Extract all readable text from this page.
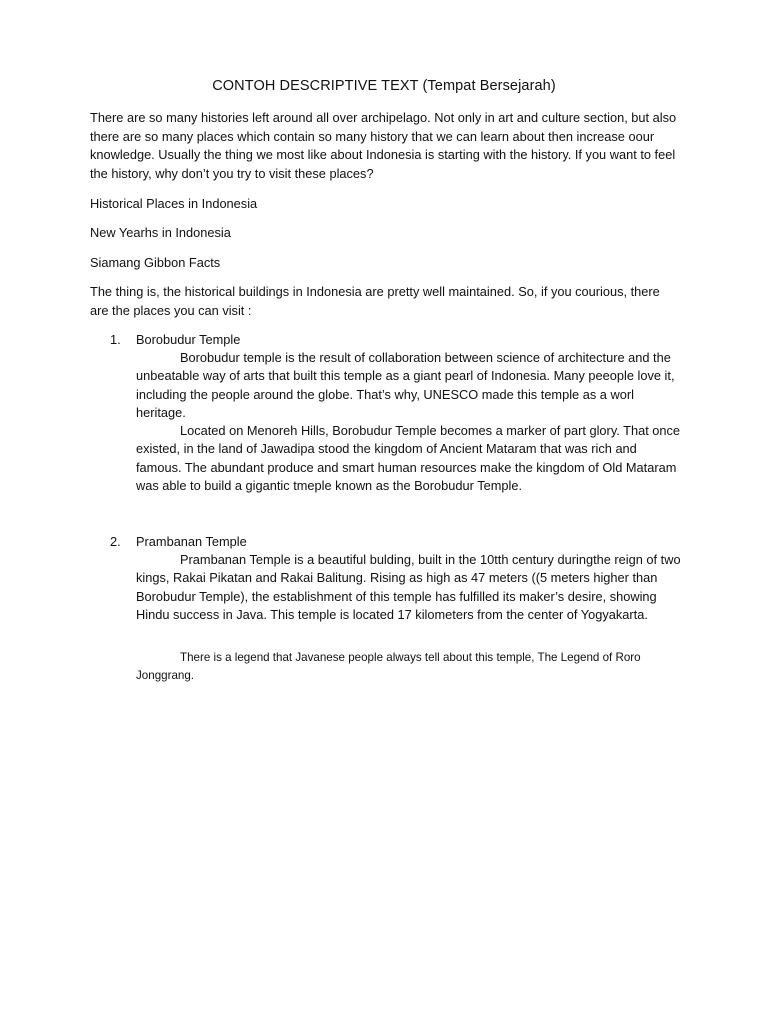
CONTOH DESCRIPTIVE TEXT (Tempat Bersejarah)

There are so many histories left around all over archipelago. Not only in art and culture section, but also there are so many places which contain so many history that we can learn about then increase oour knowledge. Usually the thing we most like about Indonesia is starting with the history. If you want to feel the history, why don’t you try to visit these places?

Historical Places in Indonesia

New Yearhs in Indonesia

Siamang Gibbon Facts

The thing is, the historical buildings in Indonesia are pretty well maintained. So, if you courious, there are the places you can visit :

1. Borobudur Temple

Borobudur temple is the result of collaboration between science of architecture and the unbeatable way of arts that built this temple as a giant pearl of Indonesia. Many peeople love it, including the people around the globe. That’s why, UNESCO made this temple as a worl heritage.
Located on Menoreh Hills, Borobudur Temple becomes a marker of part glory. That once existed, in the land of Jawadipa stood the kingdom of Ancient Mataram that was rich and famous. The abundant produce and smart human resources make the kingdom of Old Mataram was able to build a gigantic tmeple known as the Borobudur Temple.

2. Prambanan Temple

Prambanan Temple is a beautiful bulding, built in the 10tth century duringthe reign of two kings, Rakai Pikatan and Rakai Balitung. Rising as high as 47 meters ((5 meters higher than Borobudur Temple), the establishment of this temple has fulfilled its maker’s desire, showing Hindu success in Java. This temple is located 17 kilometers from the center of Yogyakarta.

There is a legend that Javanese people always tell about this temple, The Legend of Roro Jonggrang.
